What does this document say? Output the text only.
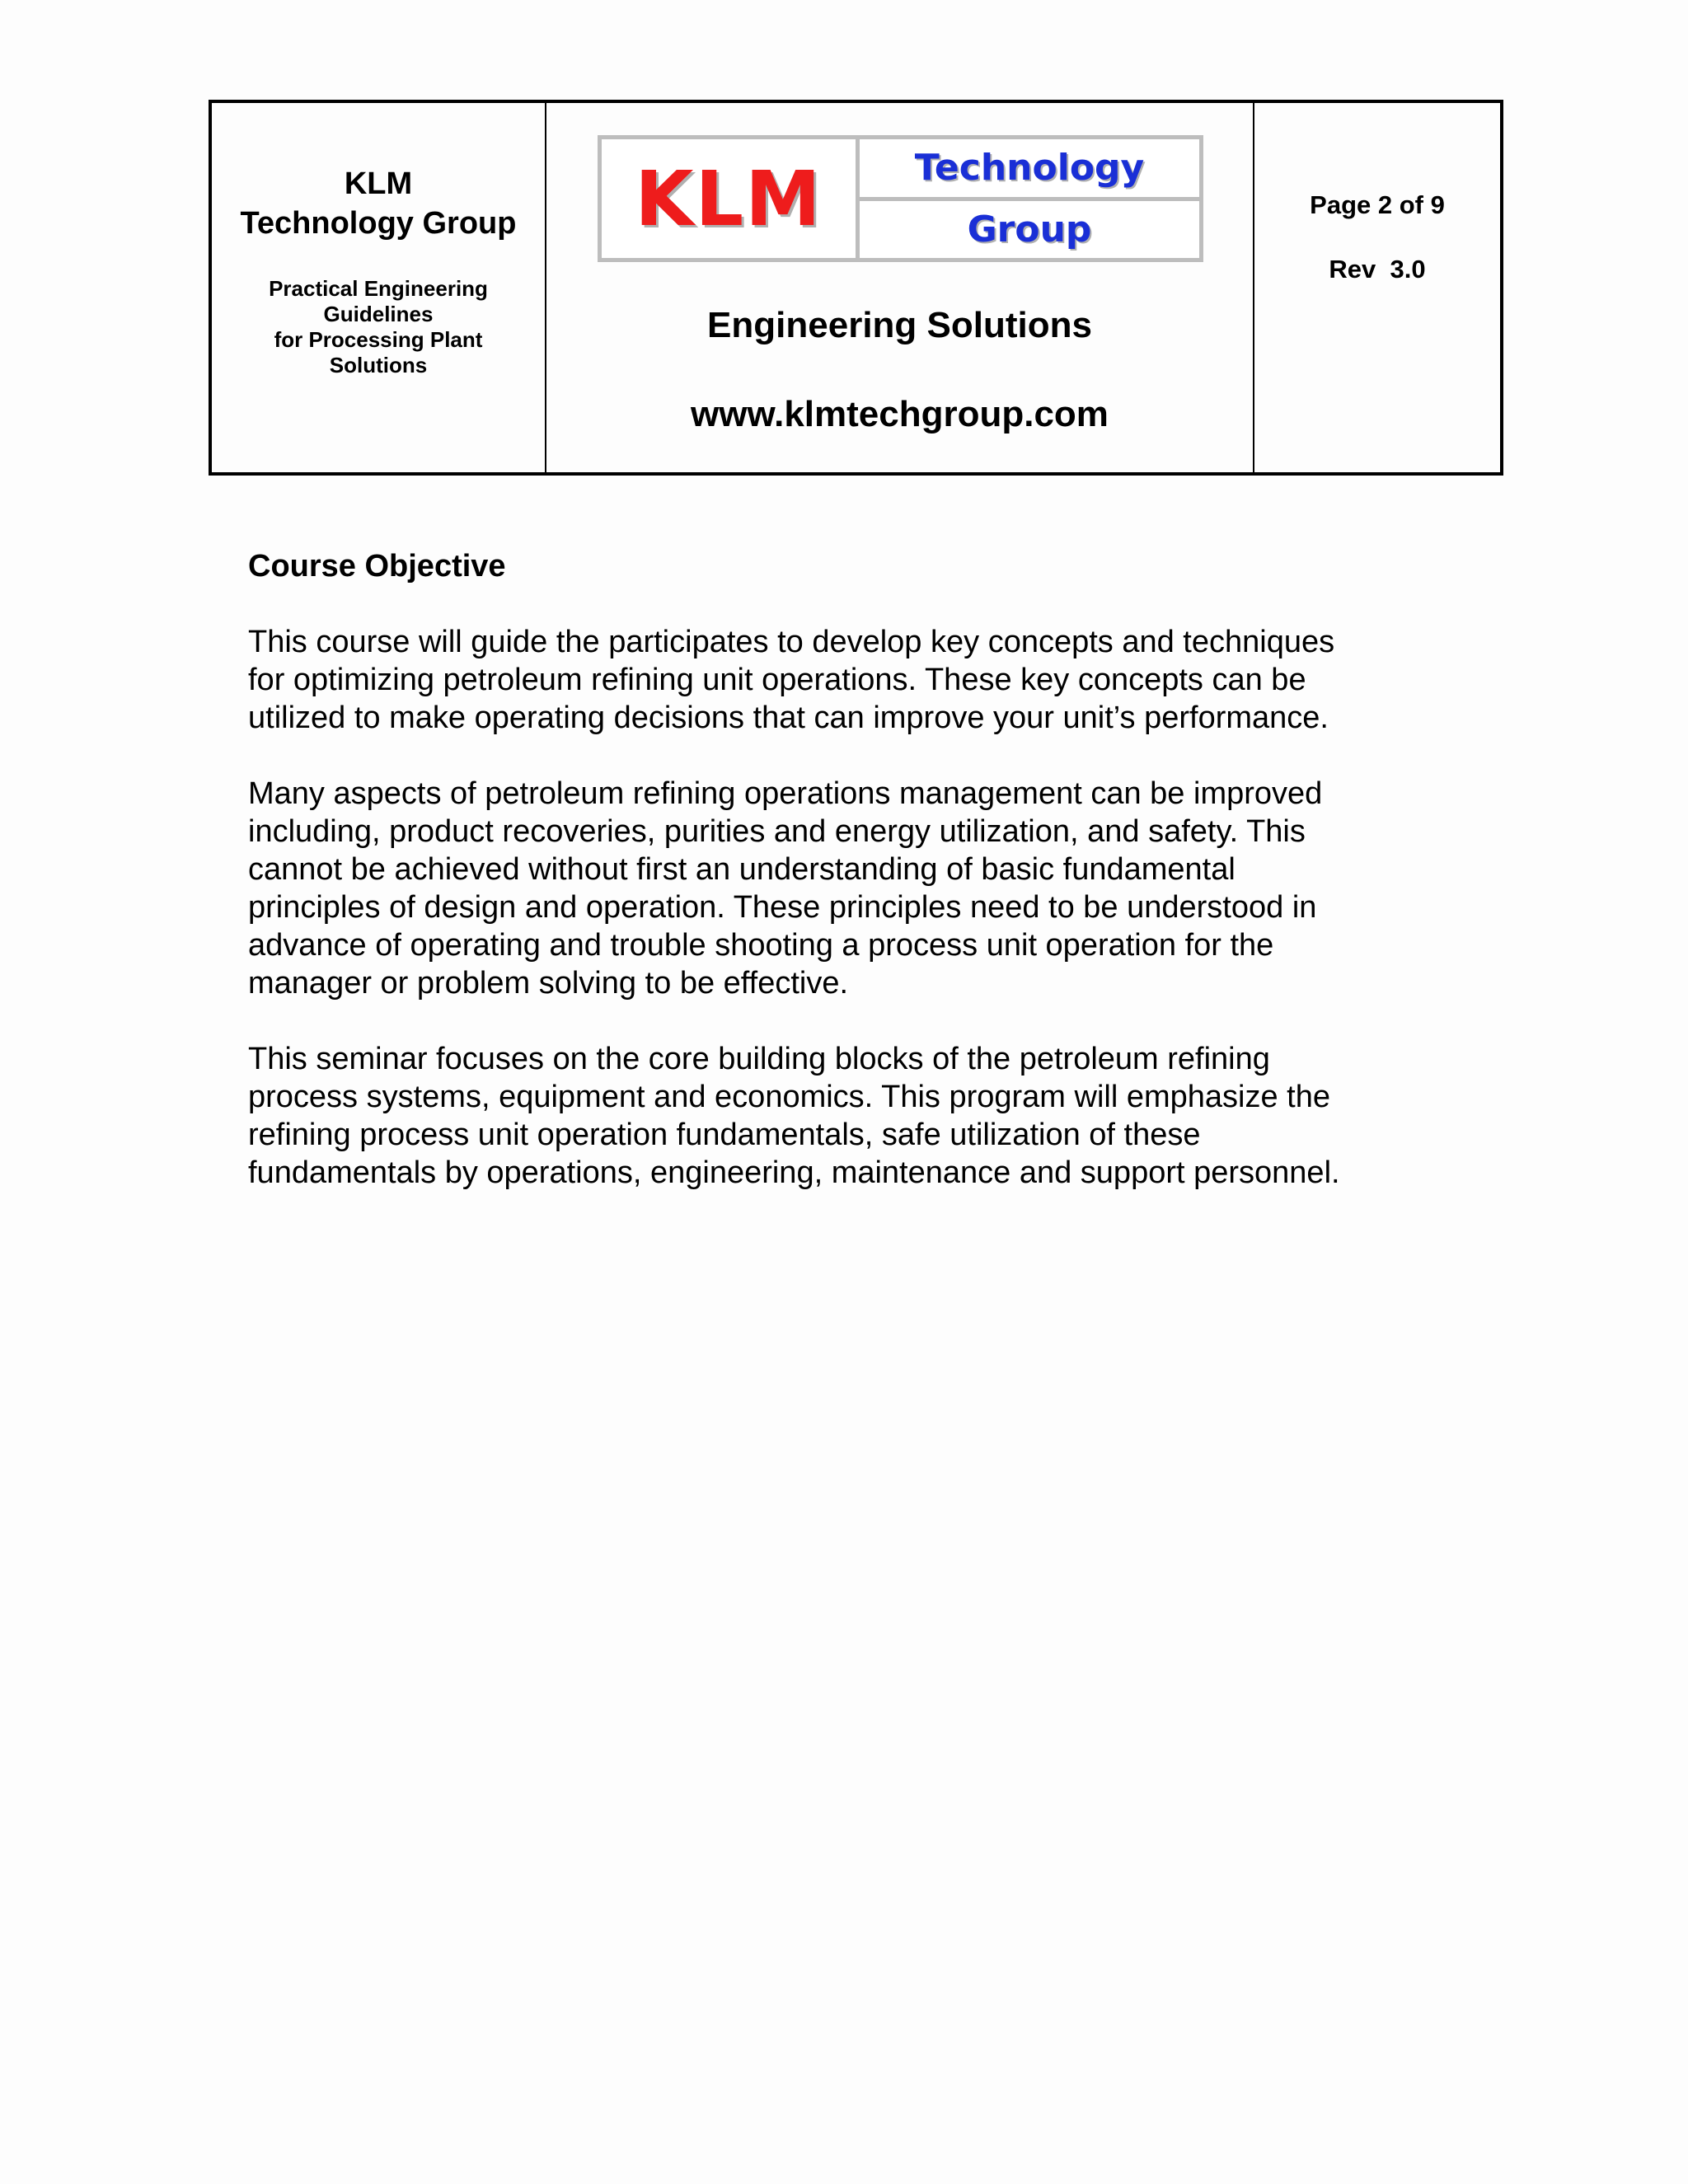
KLM
Technology Group
Practical Engineering
Guidelines
for Processing Plant
Solutions
KLM	Technology
Group
Engineering Solutions
www.klmtechgroup.com
Page 2 of 9
Rev  3.0
Course Objective
This course will guide the participates to develop key concepts and techniques
for optimizing petroleum refining unit operations. These key concepts can be
utilized to make operating decisions that can improve your unit’s performance.
Many aspects of petroleum refining operations management can be improved
including, product recoveries, purities and energy utilization, and safety. This
cannot be achieved without first an understanding of basic fundamental
principles of design and operation. These principles need to be understood in
advance of operating and trouble shooting a process unit operation for the
manager or problem solving to be effective.
This seminar focuses on the core building blocks of the petroleum refining
process systems, equipment and economics. This program will emphasize the
refining process unit operation fundamentals, safe utilization of these
fundamentals by operations, engineering, maintenance and support personnel.
